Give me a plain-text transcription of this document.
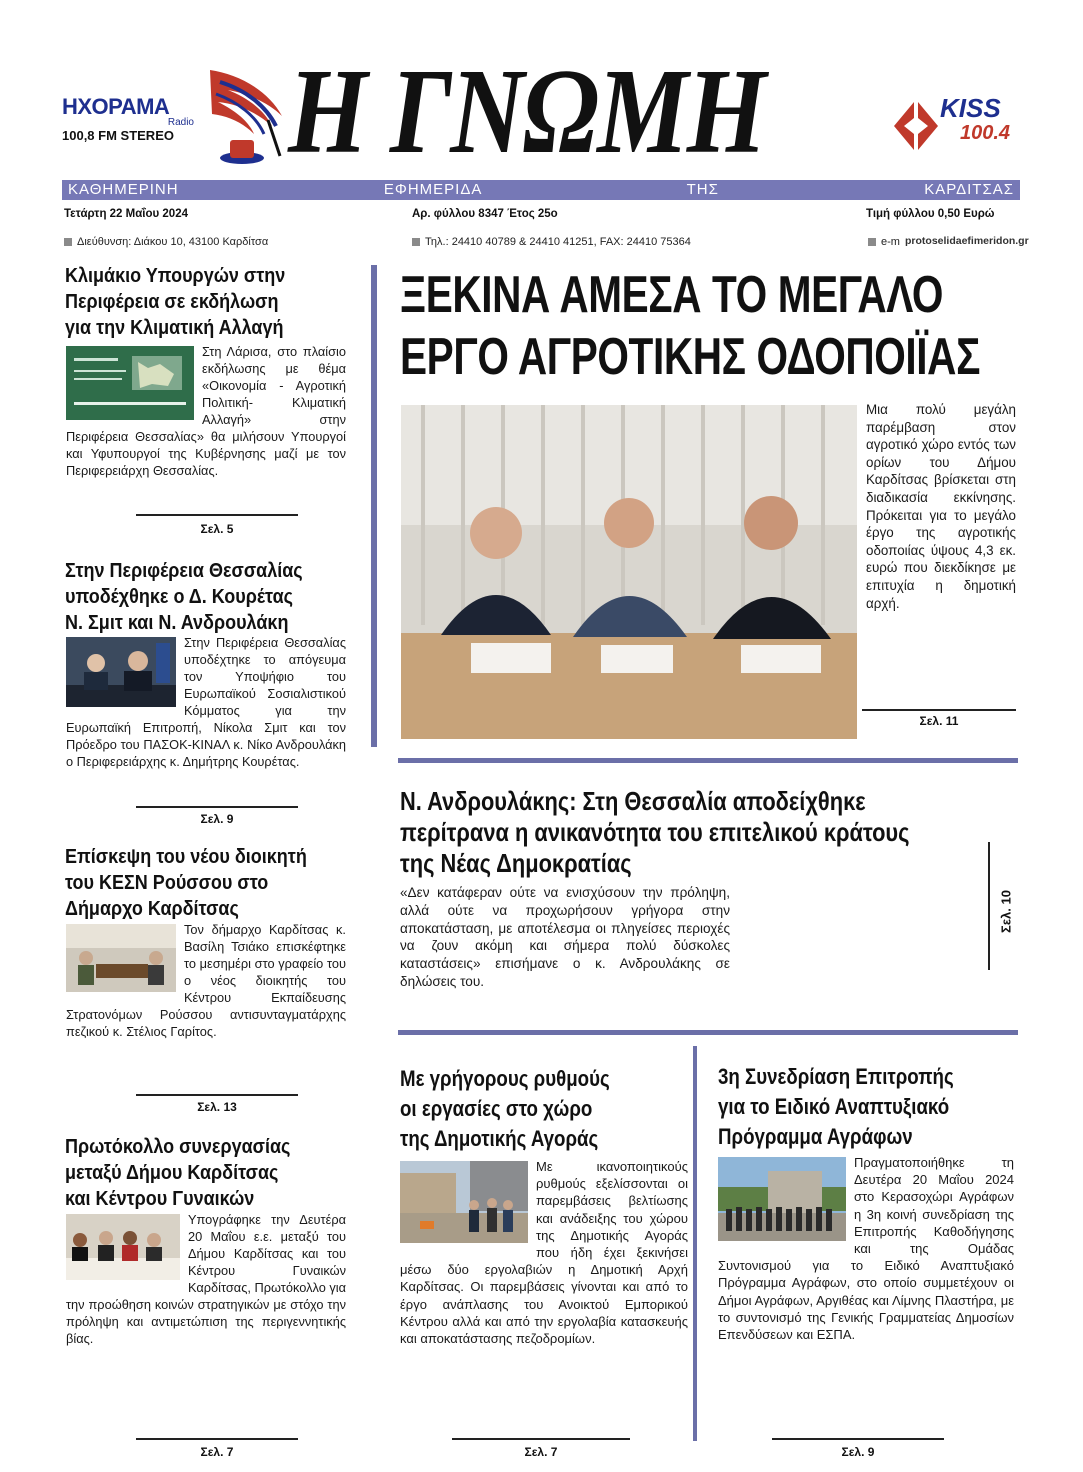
ΗΧΟΡΑΜΑ
Radio
100,8 FM STEREO Η ΓΝΩΜΗ	KISS
100.4
ΚΑΘΗΜΕΡΙΝΗ ΕΦΗΜΕΡΙΔΑ ΤΗΣ ΚΑΡΔΙΤΣΑΣ
Τετάρτη 22 Μαΐου 2024	Αρ. φύλλου 8347 Έτος 25ο	Τιμή φύλλου 0,50 Ευρώ
Διεύθυνση: Διάκου 10, 43100 Καρδίτσα	Τηλ.: 24410 40789 & 24410 41251, FAX: 24410 75364	e-m protoselidaefimeridon.gr
Κλιμάκιο Υπουργών στην
Περιφέρεια σε εκδήλωση
για την Κλιματική Αλλαγή
Στη Λάρισα, στο πλαίσιο εκδήλωσης με θέμα «Οικονομία - Αγροτική Πολιτική- Κλιματική Αλλαγή» στην Περιφέρεια Θεσσαλίας» θα μιλήσουν Υπουργοί και Υφυπουργοί της Κυβέρνησης μαζί με τον Περιφερειάρχη Θεσσαλίας.
Σελ. 5
Στην Περιφέρεια Θεσσαλίας
υποδέχθηκε ο Δ. Κουρέτας
Ν. Σμιτ και Ν. Ανδρουλάκη
Στην Περιφέρεια Θεσσαλίας υποδέχτηκε το απόγευμα τον Υποψήφιο του Ευρωπαϊκού Σοσιαλιστικού Κόμματος για την Ευρωπαϊκή Επιτροπή, Νίκολα Σμιτ και τον Πρόεδρο του ΠΑΣΟΚ-ΚΙΝΑΛ κ. Νίκο Ανδρουλάκη ο Περιφερειάρχης κ. Δημήτρης Κουρέτας.
Σελ. 9
Επίσκεψη του νέου διοικητή
του ΚΕΣΝ Ρούσσου στο
Δήμαρχο Καρδίτσας
Τον δήμαρχο Καρδίτσας κ. Βασίλη Τσιάκο επισκέφτηκε το μεσημέρι στο γραφείο του ο νέος διοικητής του Κέντρου Εκπαίδευσης Στρατονόμων Ρούσσου αντισυνταγματάρχης πεζικού κ. Στέλιος Γαρίτος.
Σελ. 13
Πρωτόκολλο συνεργασίας
μεταξύ Δήμου Καρδίτσας
και Κέντρου Γυναικών
Υπογράφηκε την Δευτέρα 20 Μαΐου ε.ε. μεταξύ του Δήμου Καρδίτσας και του Κέντρου Γυναικών Καρδίτσας, Πρωτόκολλο για την προώθηση κοινών στρατηγικών με στόχο την πρόληψη και αντιμετώπιση της περιγεννητικής βίας.
Σελ. 7
ΞΕΚΙΝΑ ΑΜΕΣΑ ΤΟ ΜΕΓΑΛΟ
ΕΡΓΟ ΑΓΡΟΤΙΚΗΣ ΟΔΟΠΟΙΪΑΣ

Μια πολύ μεγάλη παρέμβαση στον αγροτικό χώρο εντός των ορίων του Δήμου Καρδίτσας βρίσκεται στη διαδικασία εκκίνησης. Πρόκειται για το μεγάλο έργο της αγροτικής οδοποιίας ύψους 4,3 εκ. ευρώ που διεκδίκησε με επιτυχία η δημοτική αρχή.
Σελ. 11
Ν. Ανδρουλάκης: Στη Θεσσαλία αποδείχθηκε
περίτρανα η ανικανότητα του επιτελικού κράτους
της Νέας Δημοκρατίας
«Δεν κατάφεραν ούτε να ενισχύσουν την πρόληψη, αλλά ούτε να προχωρήσουν γρήγορα στην αποκατάσταση, με αποτέλεσμα οι πληγείσες περιοχές να ζουν ακόμη και σήμερα πολύ δύσκολες καταστάσεις» επισήμανε ο κ. Ανδρουλάκης σε δηλώσεις του.
Σελ. 10
Με γρήγορους ρυθμούς
οι εργασίες στο χώρο
της Δημοτικής Αγοράς
Με ικανοποιητικούς ρυθμούς εξελίσσονται οι παρεμβάσεις βελτίωσης και ανάδειξης του χώρου της Δημοτικής Αγοράς που ήδη έχει ξεκινήσει μέσω δύο εργολαβιών η Δημοτική Αρχή Καρδίτσας. Οι παρεμβάσεις γίνονται και από το έργο ανάπλασης του Ανοικτού Εμπορικού Κέντρου αλλά και από την εργολαβία κατασκευής και αποκατάστασης πεζοδρομίων.
Σελ. 7
3η Συνεδρίαση Επιτροπής
για το Ειδικό Αναπτυξιακό
Πρόγραμμα Αγράφων
Πραγματοποιήθηκε τη Δευτέρα 20 Μαΐου 2024 στο Κερασοχώρι Αγράφων η 3η κοινή συνεδρίαση της Επιτροπής Καθοδήγησης και της Ομάδας Συντονισμού για το Ειδικό Αναπτυξιακό Πρόγραμμα Αγράφων, στο οποίο συμμετέχουν οι Δήμοι Αγράφων, Αργιθέας και Λίμνης Πλαστήρα, με το συντονισμό της Γενικής Γραμματείας Δημοσίων Επενδύσεων και ΕΣΠΑ.
Σελ. 9
